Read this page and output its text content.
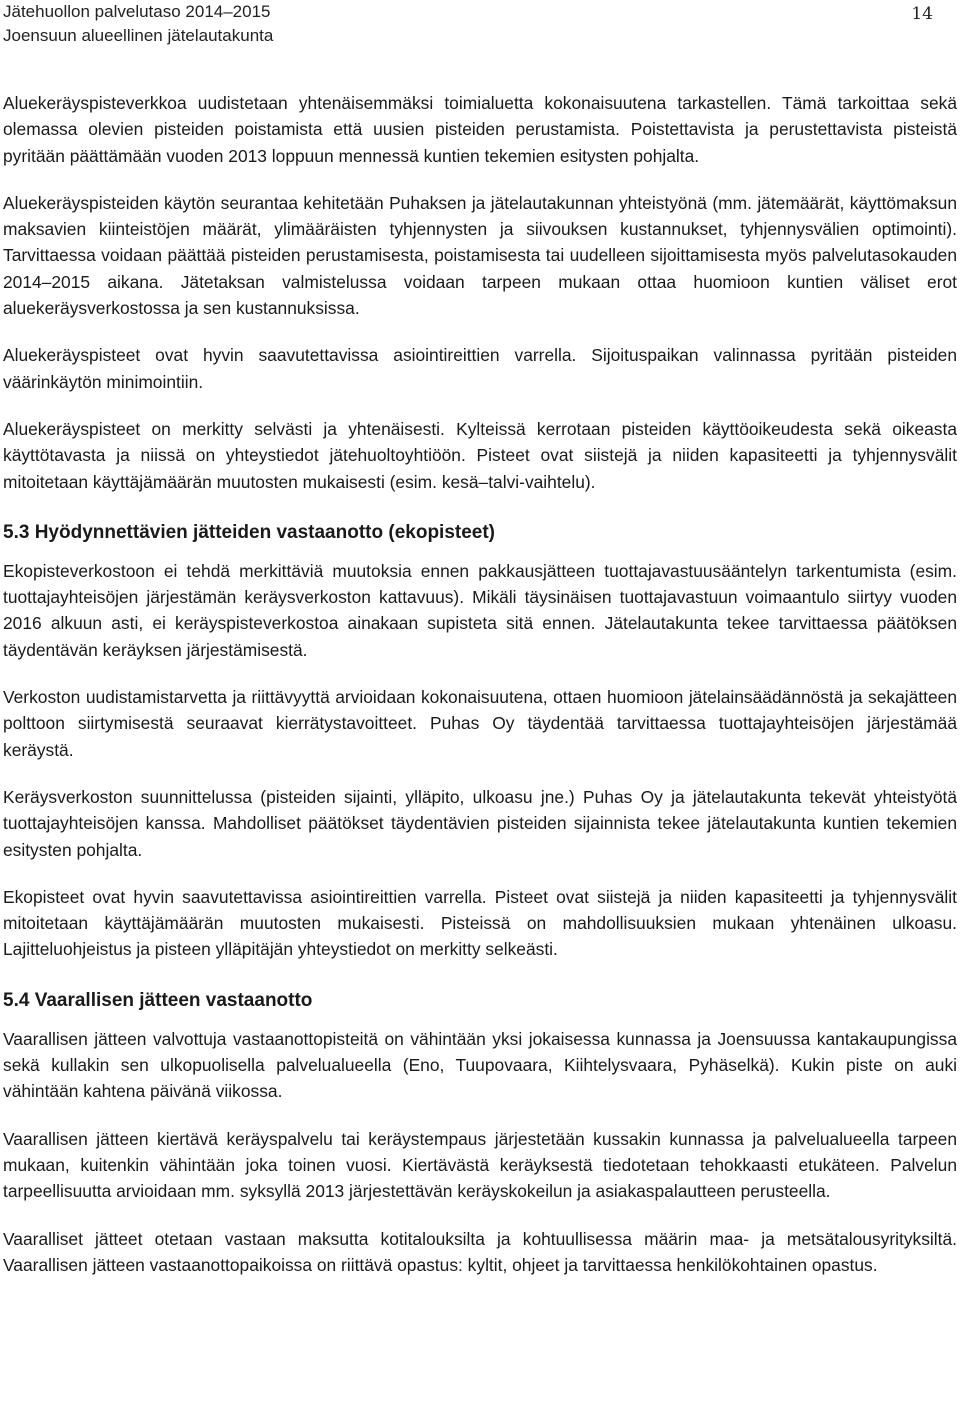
Jätehuollon palvelutaso 2014–2015
Joensuun alueellinen jätelautakunta
14

Aluekeräyspisteverkkoa uudistetaan yhtenäisemmäksi toimialuetta kokonaisuutena tarkastellen. Tämä tarkoittaa sekä olemassa olevien pisteiden poistamista että uusien pisteiden perustamista. Poistettavista ja perustettavista pisteistä pyritään päättämään vuoden 2013 loppuun mennessä kuntien tekemien esitysten pohjalta.

Aluekeräyspisteiden käytön seurantaa kehitetään Puhaksen ja jätelautakunnan yhteistyönä (mm. jätemäärät, käyttömaksun maksavien kiinteistöjen määrät, ylimääräisten tyhjennysten ja siivouksen kustannukset, tyhjennysvälien optimointi). Tarvittaessa voidaan päättää pisteiden perustamisesta, poistamisesta tai uudelleen sijoittamisesta myös palvelutasokauden 2014–2015 aikana. Jätetaksan valmistelussa voidaan tarpeen mukaan ottaa huomioon kuntien väliset erot aluekeräysverkostossa ja sen kustannuksissa.

Aluekeräyspisteet ovat hyvin saavutettavissa asiointireittien varrella. Sijoituspaikan valinnassa pyritään pisteiden väärinkäytön minimointiin.

Aluekeräyspisteet on merkitty selvästi ja yhtenäisesti. Kylteissä kerrotaan pisteiden käyttöoikeudesta sekä oikeasta käyttötavasta ja niissä on yhteystiedot jätehuoltoyhtiöön. Pisteet ovat siistejä ja niiden kapasiteetti ja tyhjennysvälit mitoitetaan käyttäjämäärän muutosten mukaisesti (esim. kesä–talvi-vaihtelu).

5.3 Hyödynnettävien jätteiden vastaanotto (ekopisteet)

Ekopisteverkostoon ei tehdä merkittäviä muutoksia ennen pakkausjätteen tuottajavastuusääntelyn tarkentumista (esim. tuottajayhteisöjen järjestämän keräysverkoston kattavuus). Mikäli täysinäisen tuottajavastuun voimaantulo siirtyy vuoden 2016 alkuun asti, ei keräyspisteverkostoa ainakaan supisteta sitä ennen. Jätelautakunta tekee tarvittaessa päätöksen täydentävän keräyksen järjestämisestä.

Verkoston uudistamistarvetta ja riittävyyttä arvioidaan kokonaisuutena, ottaen huomioon jätelainsäädännöstä ja sekajätteen polttoon siirtymisestä seuraavat kierrätystavoitteet. Puhas Oy täydentää tarvittaessa tuottajayhteisöjen järjestämää keräystä.

Keräysverkoston suunnittelussa (pisteiden sijainti, ylläpito, ulkoasu jne.) Puhas Oy ja jätelautakunta tekevät yhteistyötä tuottajayhteisöjen kanssa. Mahdolliset päätökset täydentävien pisteiden sijainnista tekee jätelautakunta kuntien tekemien esitysten pohjalta.

Ekopisteet ovat hyvin saavutettavissa asiointireittien varrella. Pisteet ovat siistejä ja niiden kapasiteetti ja tyhjennysvälit mitoitetaan käyttäjämäärän muutosten mukaisesti. Pisteissä on mahdollisuuksien mukaan yhtenäinen ulkoasu. Lajitteluohjeistus ja pisteen ylläpitäjän yhteystiedot on merkitty selkeästi.

5.4 Vaarallisen jätteen vastaanotto

Vaarallisen jätteen valvottuja vastaanottopisteitä on vähintään yksi jokaisessa kunnassa ja Joensuussa kantakaupungissa sekä kullakin sen ulkopuolisella palvelualueella (Eno, Tuupovaara, Kiihtelysvaara, Pyhäselkä). Kukin piste on auki vähintään kahtena päivänä viikossa.

Vaarallisen jätteen kiertävä keräyspalvelu tai keräystempaus järjestetään kussakin kunnassa ja palvelualueella tarpeen mukaan, kuitenkin vähintään joka toinen vuosi. Kiertävästä keräyksestä tiedotetaan tehokkaasti etukäteen. Palvelun tarpeellisuutta arvioidaan mm. syksyllä 2013 järjestettävän keräyskokeilun ja asiakaspalautteen perusteella.

Vaaralliset jätteet otetaan vastaan maksutta kotitalouksilta ja kohtuullisessa määrin maa- ja metsätalousyrityksiltä. Vaarallisen jätteen vastaanottopaikoissa on riittävä opastus: kyltit, ohjeet ja tarvittaessa henkilökohtainen opastus.
